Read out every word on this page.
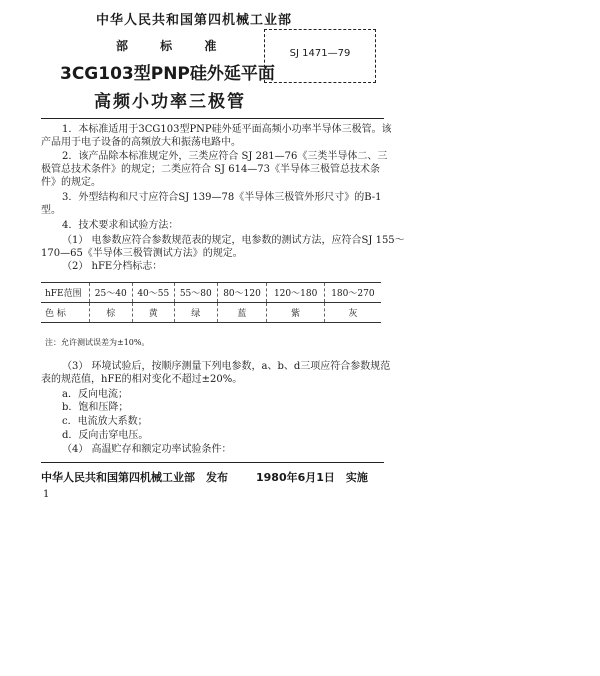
中华人民共和国第四机械工业部
部 标 准
SJ 1471—79
3CG103型PNP硅外延平面
高频小功率三极管
1．本标准适用于3CG103型PNP硅外延平面高频小功率半导体三极管。该
产品用于电子设备的高频放大和振荡电路中。
2．该产品除本标准规定外，三类应符合 SJ 281—76《三类半导体二、三
极管总技术条件》的规定；二类应符合 SJ 614—73《半导体三极管总技术条
件》的规定。
3．外型结构和尺寸应符合SJ 139—78《半导体三极管外形尺寸》的B-1
型。
4．技术要求和试验方法：
（1） 电参数应符合参数规范表的规定，电参数的测试方法，应符合SJ 155～
170—65《半导体三极管测试方法》的规定。
（2） hFE分档标志：
hFE范围	25～40	40～55	55～80	80～120	120～180	180～270
色 标	棕	黄	绿	蓝	紫	灰
注：允许测试误差为±10%。
（3） 环境试验后，按顺序测量下列电参数，a、b、d三项应符合参数规范
表的规范值，hFE的相对变化不超过±20%。
a．反向电流；
b．饱和压降；
c．电流放大系数；
d．反向击穿电压。
（4） 高温贮存和额定功率试验条件：
中华人民共和国第四机械工业部　发布	1980年6月1日　实施
1
